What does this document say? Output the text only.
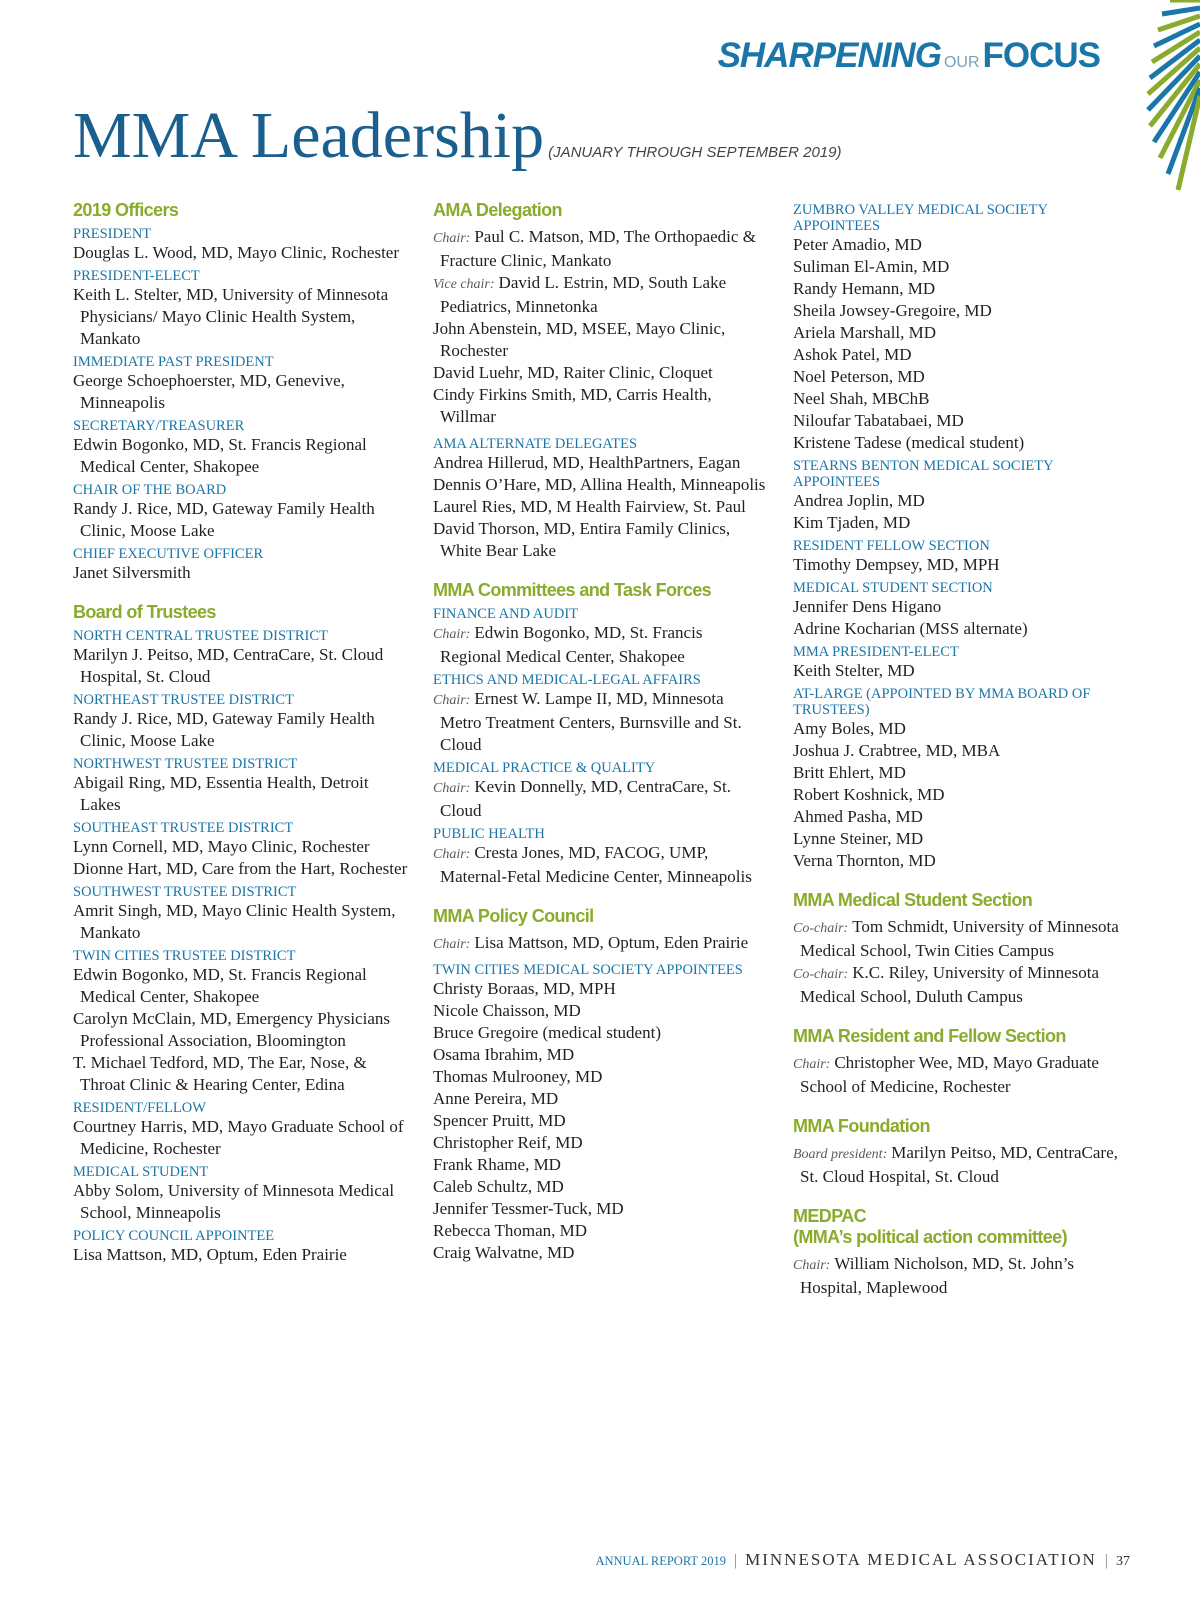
SHARPENING OURFOCUS
MMA Leadership (JANUARY THROUGH SEPTEMBER 2019)
2019 Officers
PRESIDENT
Douglas L. Wood, MD, Mayo Clinic, Rochester
PRESIDENT-ELECT
Keith L. Stelter, MD, University of Minnesota Physicians/ Mayo Clinic Health System, Mankato
IMMEDIATE PAST PRESIDENT
George Schoephoerster, MD, Genevive, Minneapolis
SECRETARY/TREASURER
Edwin Bogonko, MD, St. Francis Regional Medical Center, Shakopee
CHAIR OF THE BOARD
Randy J. Rice, MD, Gateway Family Health Clinic, Moose Lake
CHIEF EXECUTIVE OFFICER
Janet Silversmith
Board of Trustees
NORTH CENTRAL TRUSTEE DISTRICT
Marilyn J. Peitso, MD, CentraCare, St. Cloud Hospital, St. Cloud
NORTHEAST TRUSTEE DISTRICT
Randy J. Rice, MD, Gateway Family Health Clinic, Moose Lake
NORTHWEST TRUSTEE DISTRICT
Abigail Ring, MD, Essentia Health, Detroit Lakes
SOUTHEAST TRUSTEE DISTRICT
Lynn Cornell, MD, Mayo Clinic, Rochester
Dionne Hart, MD, Care from the Hart, Rochester
SOUTHWEST TRUSTEE DISTRICT
Amrit Singh, MD, Mayo Clinic Health System, Mankato
TWIN CITIES TRUSTEE DISTRICT
Edwin Bogonko, MD, St. Francis Regional Medical Center, Shakopee
Carolyn McClain, MD, Emergency Physicians Professional Association, Bloomington
T. Michael Tedford, MD, The Ear, Nose, & Throat Clinic & Hearing Center, Edina
RESIDENT/FELLOW
Courtney Harris, MD, Mayo Graduate School of Medicine, Rochester
MEDICAL STUDENT
Abby Solom, University of Minnesota Medical School, Minneapolis
POLICY COUNCIL APPOINTEE
Lisa Mattson, MD, Optum, Eden Prairie
AMA Delegation
Chair: Paul C. Matson, MD, The Orthopaedic & Fracture Clinic, Mankato
Vice chair: David L. Estrin, MD, South Lake Pediatrics, Minnetonka
John Abenstein, MD, MSEE, Mayo Clinic, Rochester
David Luehr, MD, Raiter Clinic, Cloquet
Cindy Firkins Smith, MD, Carris Health, Willmar
AMA ALTERNATE DELEGATES
Andrea Hillerud, MD, HealthPartners, Eagan
Dennis O’Hare, MD, Allina Health, Minneapolis
Laurel Ries, MD, M Health Fairview, St. Paul
David Thorson, MD, Entira Family Clinics, White Bear Lake
MMA Committees and Task Forces
FINANCE AND AUDIT
Chair: Edwin Bogonko, MD, St. Francis Regional Medical Center, Shakopee
ETHICS AND MEDICAL-LEGAL AFFAIRS
Chair: Ernest W. Lampe II, MD, Minnesota Metro Treatment Centers, Burnsville and St. Cloud
MEDICAL PRACTICE & QUALITY
Chair: Kevin Donnelly, MD, CentraCare, St. Cloud
PUBLIC HEALTH
Chair: Cresta Jones, MD, FACOG, UMP, Maternal-Fetal Medicine Center, Minneapolis
MMA Policy Council
Chair: Lisa Mattson, MD, Optum, Eden Prairie
TWIN CITIES MEDICAL SOCIETY APPOINTEES
Christy Boraas, MD, MPH
Nicole Chaisson, MD
Bruce Gregoire (medical student)
Osama Ibrahim, MD
Thomas Mulrooney, MD
Anne Pereira, MD
Spencer Pruitt, MD
Christopher Reif, MD
Frank Rhame, MD
Caleb Schultz, MD
Jennifer Tessmer-Tuck, MD
Rebecca Thoman, MD
Craig Walvatne, MD
ZUMBRO VALLEY MEDICAL SOCIETY APPOINTEES
Peter Amadio, MD
Suliman El-Amin, MD
Randy Hemann, MD
Sheila Jowsey-Gregoire, MD
Ariela Marshall, MD
Ashok Patel, MD
Noel Peterson, MD
Neel Shah, MBChB
Niloufar Tabatabaei, MD
Kristene Tadese (medical student)
STEARNS BENTON MEDICAL SOCIETY APPOINTEES
Andrea Joplin, MD
Kim Tjaden, MD
RESIDENT FELLOW SECTION
Timothy Dempsey, MD, MPH
MEDICAL STUDENT SECTION
Jennifer Dens Higano
Adrine Kocharian (MSS alternate)
MMA PRESIDENT-ELECT
Keith Stelter, MD
AT-LARGE (APPOINTED BY MMA BOARD OF TRUSTEES)
Amy Boles, MD
Joshua J. Crabtree, MD, MBA
Britt Ehlert, MD
Robert Koshnick, MD
Ahmed Pasha, MD
Lynne Steiner, MD
Verna Thornton, MD
MMA Medical Student Section
Co-chair: Tom Schmidt, University of Minnesota Medical School, Twin Cities Campus
Co-chair: K.C. Riley, University of Minnesota Medical School, Duluth Campus
MMA Resident and Fellow Section
Chair: Christopher Wee, MD, Mayo Graduate School of Medicine, Rochester
MMA Foundation
Board president: Marilyn Peitso, MD, CentraCare, St. Cloud Hospital, St. Cloud
MEDPAC
(MMA’s political action committee)
Chair: William Nicholson, MD, St. John’s Hospital, Maplewood
ANNUAL REPORT 2019 | MINNESOTA MEDICAL ASSOCIATION | 37
